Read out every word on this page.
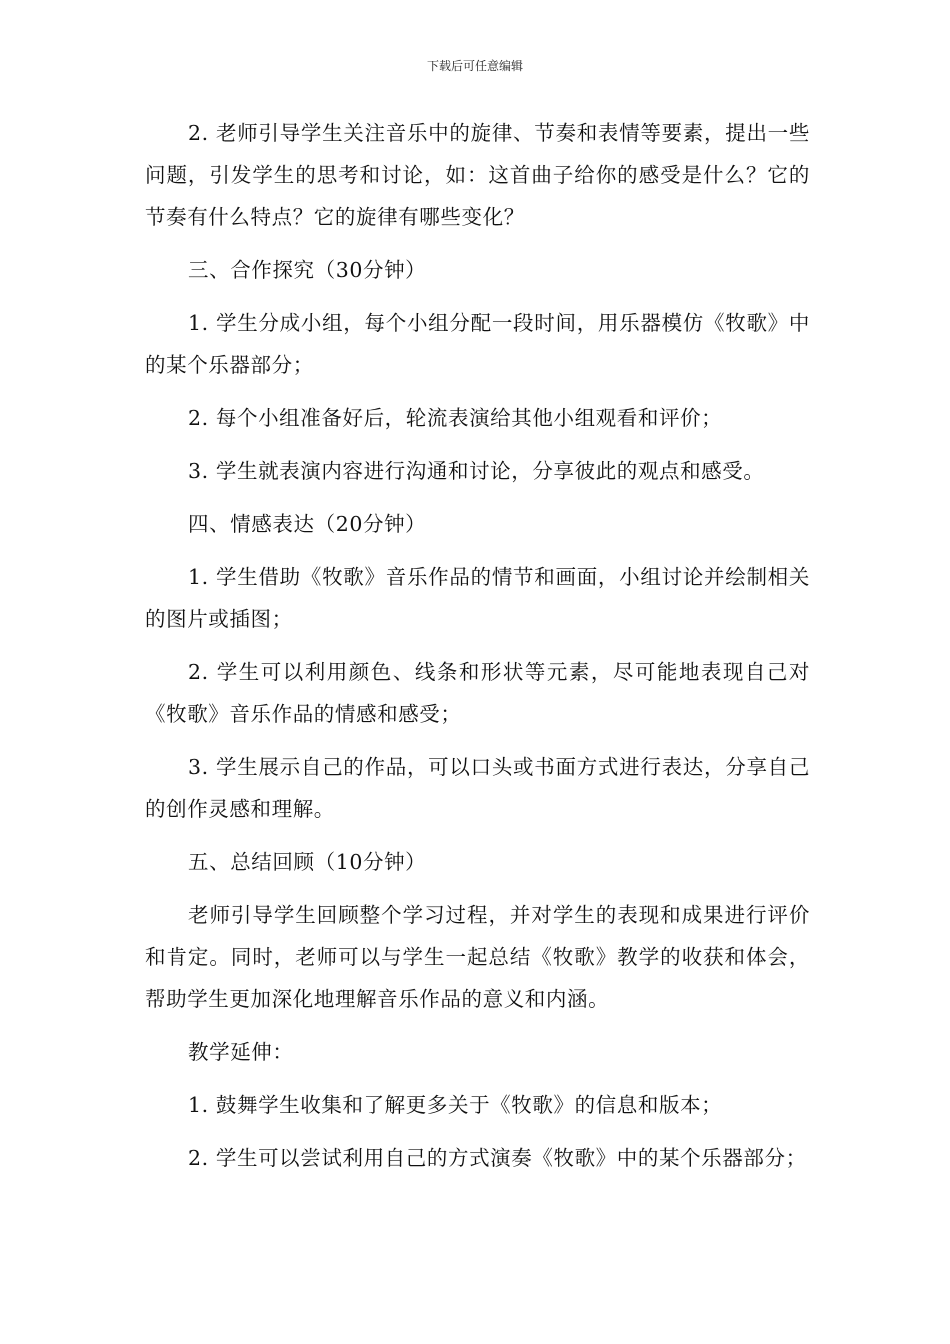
下载后可任意编辑

2. 老师引导学生关注音乐中的旋律、节奏和表情等要素，提出一些问题，引发学生的思考和讨论，如：这首曲子给你的感受是什么？它的节奏有什么特点？它的旋律有哪些变化？

三、合作探究（30分钟）

1. 学生分成小组，每个小组分配一段时间，用乐器模仿《牧歌》中的某个乐器部分；

2. 每个小组准备好后，轮流表演给其他小组观看和评价；

3. 学生就表演内容进行沟通和讨论，分享彼此的观点和感受。

四、情感表达（20分钟）

1. 学生借助《牧歌》音乐作品的情节和画面，小组讨论并绘制相关的图片或插图；

2. 学生可以利用颜色、线条和形状等元素，尽可能地表现自己对《牧歌》音乐作品的情感和感受；

3. 学生展示自己的作品，可以口头或书面方式进行表达，分享自己的创作灵感和理解。

五、总结回顾（10分钟）

老师引导学生回顾整个学习过程，并对学生的表现和成果进行评价和肯定。同时，老师可以与学生一起总结《牧歌》教学的收获和体会，帮助学生更加深化地理解音乐作品的意义和内涵。

教学延伸：

1. 鼓舞学生收集和了解更多关于《牧歌》的信息和版本；

2. 学生可以尝试利用自己的方式演奏《牧歌》中的某个乐器部分；
